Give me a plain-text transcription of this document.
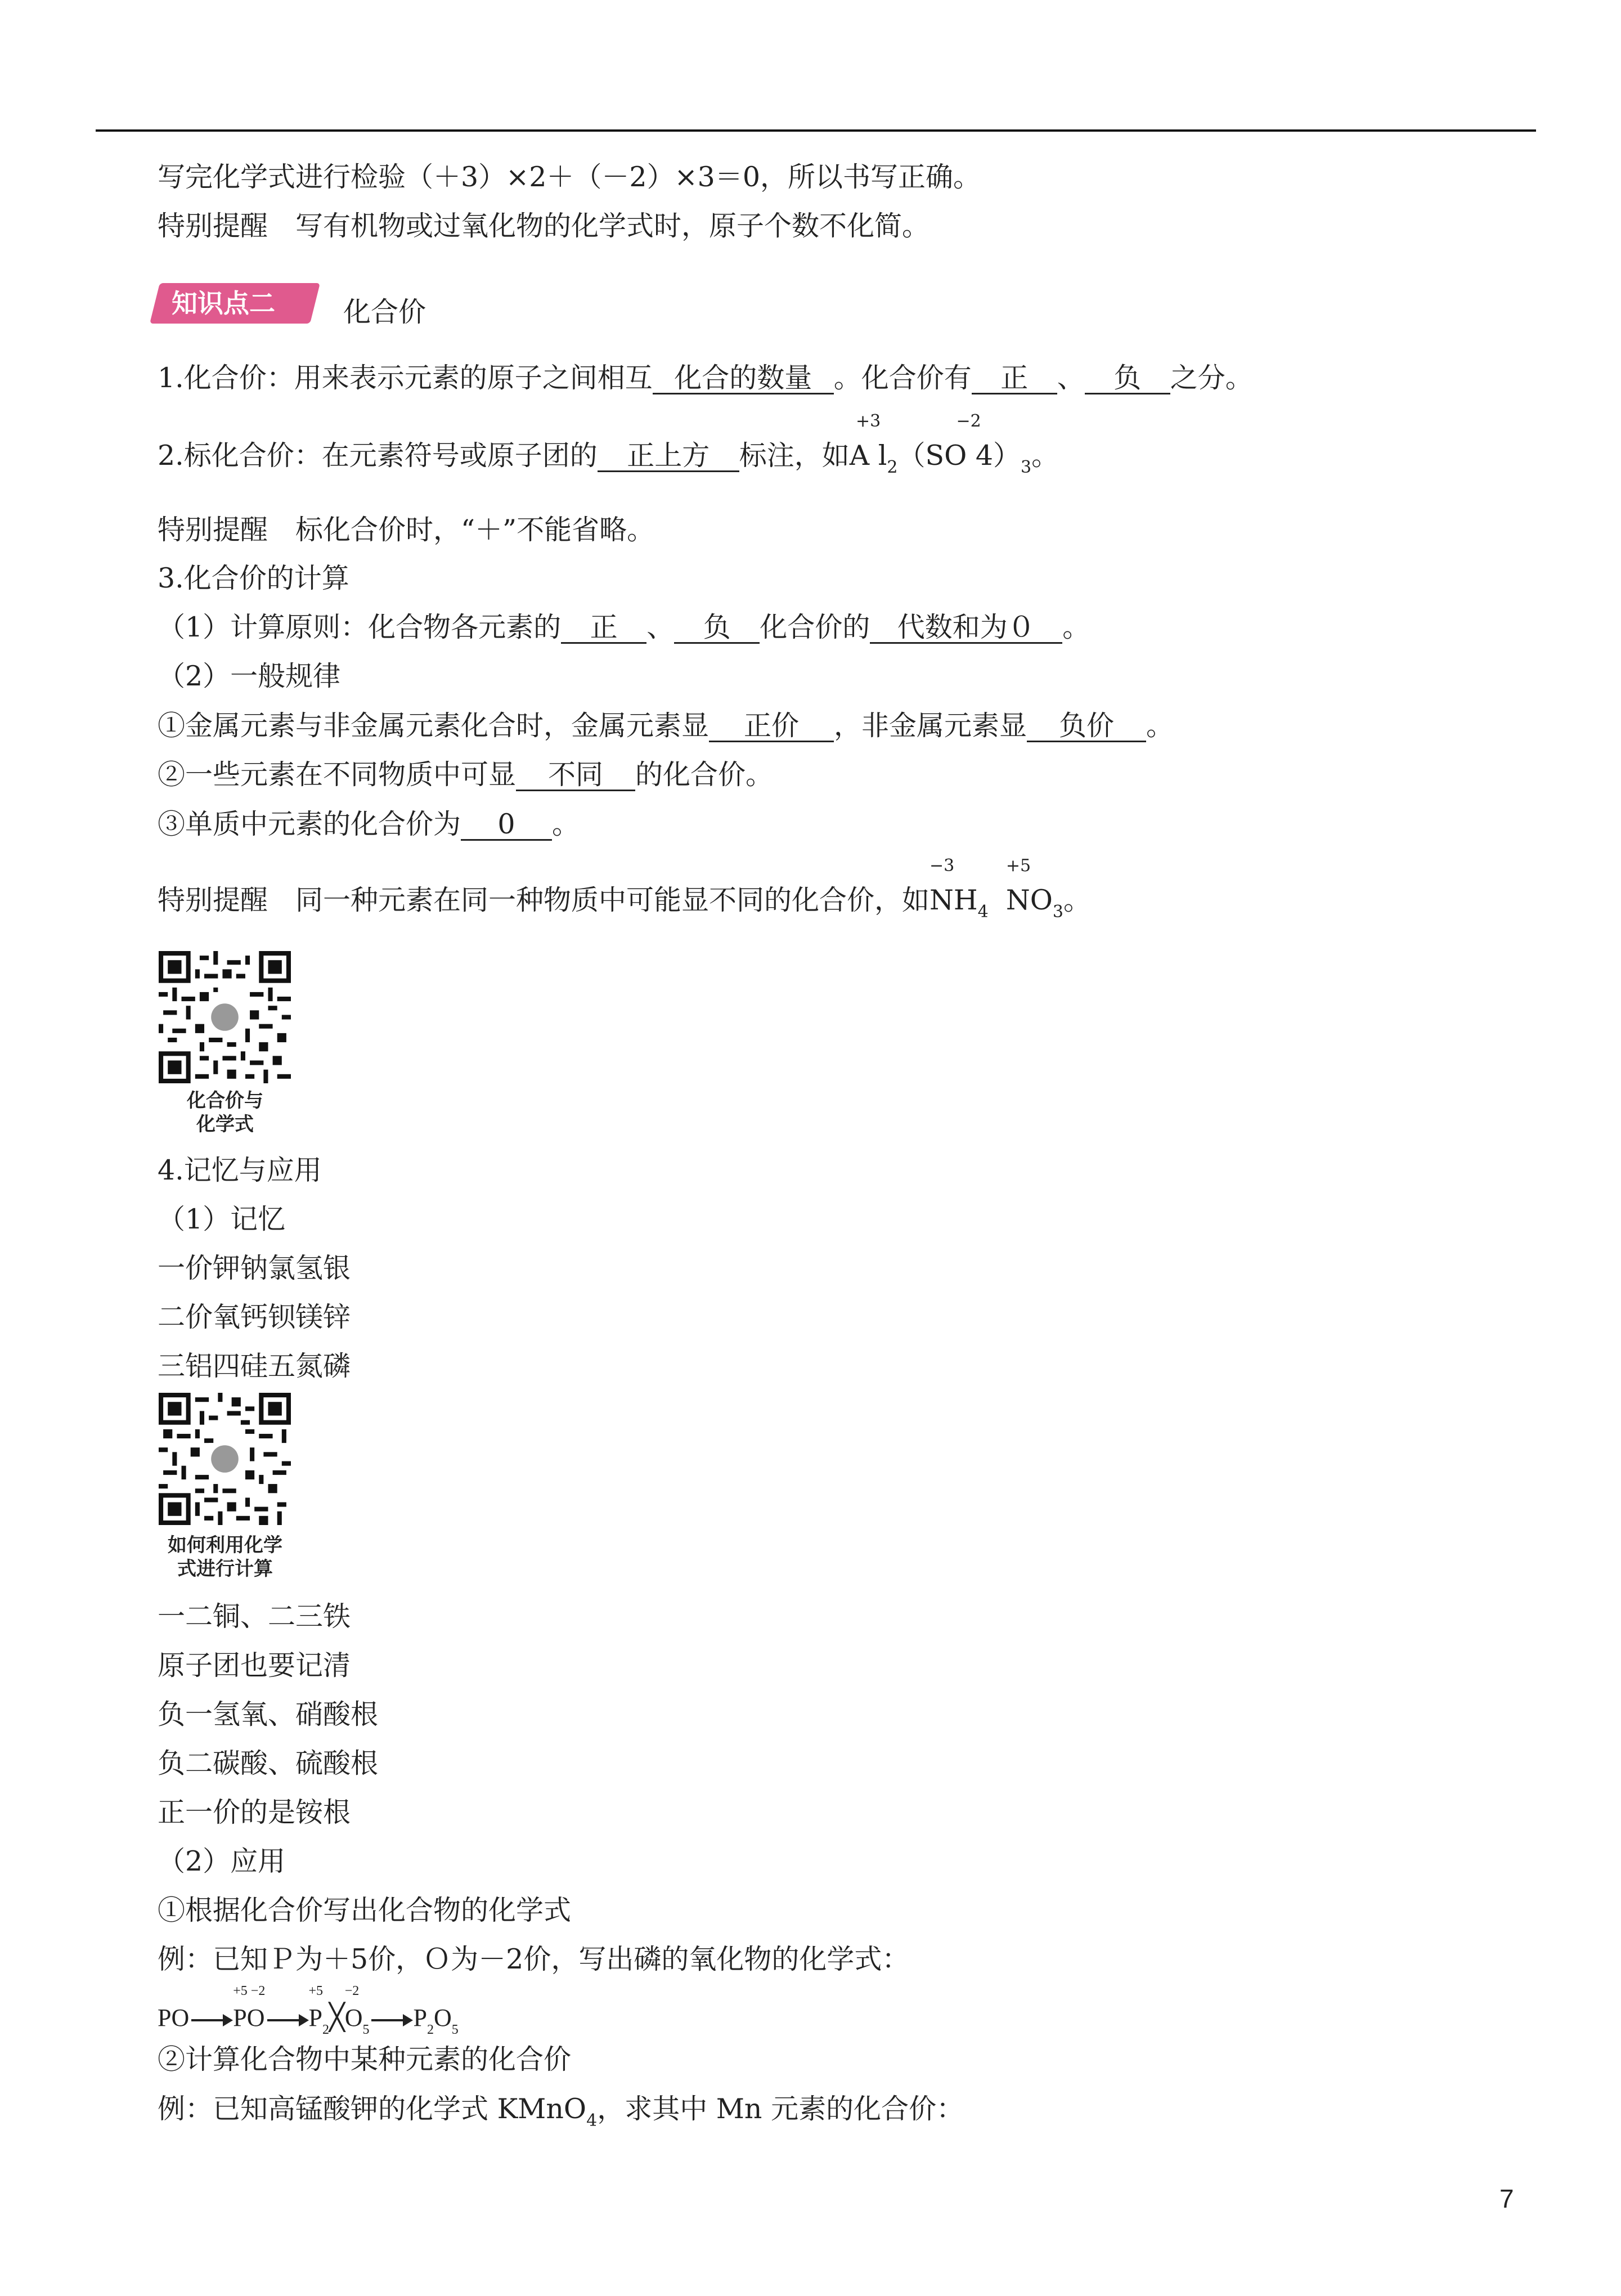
写完化学式进行检验（＋3）×2＋（－2）×3＝0，所以书写正确。
特别提醒　写有机物或过氧化物的化学式时，原子个数不化简。
知识点二 化合价
1.化合价：用来表示元素的原子之间相互 化合的数量 。化合价有 正 、 负 之分。
2.标化合价：在元素符号或原子团的 正上方 标注，如
+3
A $l_2(S$
−2
O $4)_3$。
特别提醒　标化合价时，“＋”不能省略。
3.化合价的计算
（1）计算原则：化合物各元素的 正 、 负 化合价的 代数和为０ 。
（2）一般规律
①金属元素与非金属元素化合时，金属元素显 正价 ，非金属元素显 负价 。
②一些元素在不同物质中可显 不同 的化合价。
③单质中元素的化合价为 0 。
特别提醒　同一种元素在同一种物质中可能显不同的化合价，如
−3
$NH_4$
+5
$NO_3$。
化合价与
化学式
4.记忆与应用
（1）记忆
一价钾钠氯氢银
二价氧钙钡镁锌
三铝四硅五氮磷
如何利用化学
式进行计算
一二铜、二三铁
原子团也要记清
负一氢氧、硝酸根
负二碳酸、硫酸根
正一价的是铵根
（2）应用
①根据化合价写出化合物的化学式
例：已知Ｐ为＋5价，Ｏ为－2价，写出磷的氧化物的化学式：
PO
+5 −2
PO
+5
$P_2╳$
−2
$O_5$ $P_2O_5$
②计算化合物中某种元素的化合价
例：已知高锰酸钾的化学式 KMnO$_4$，求其中 Mn 元素的化合价：
7
